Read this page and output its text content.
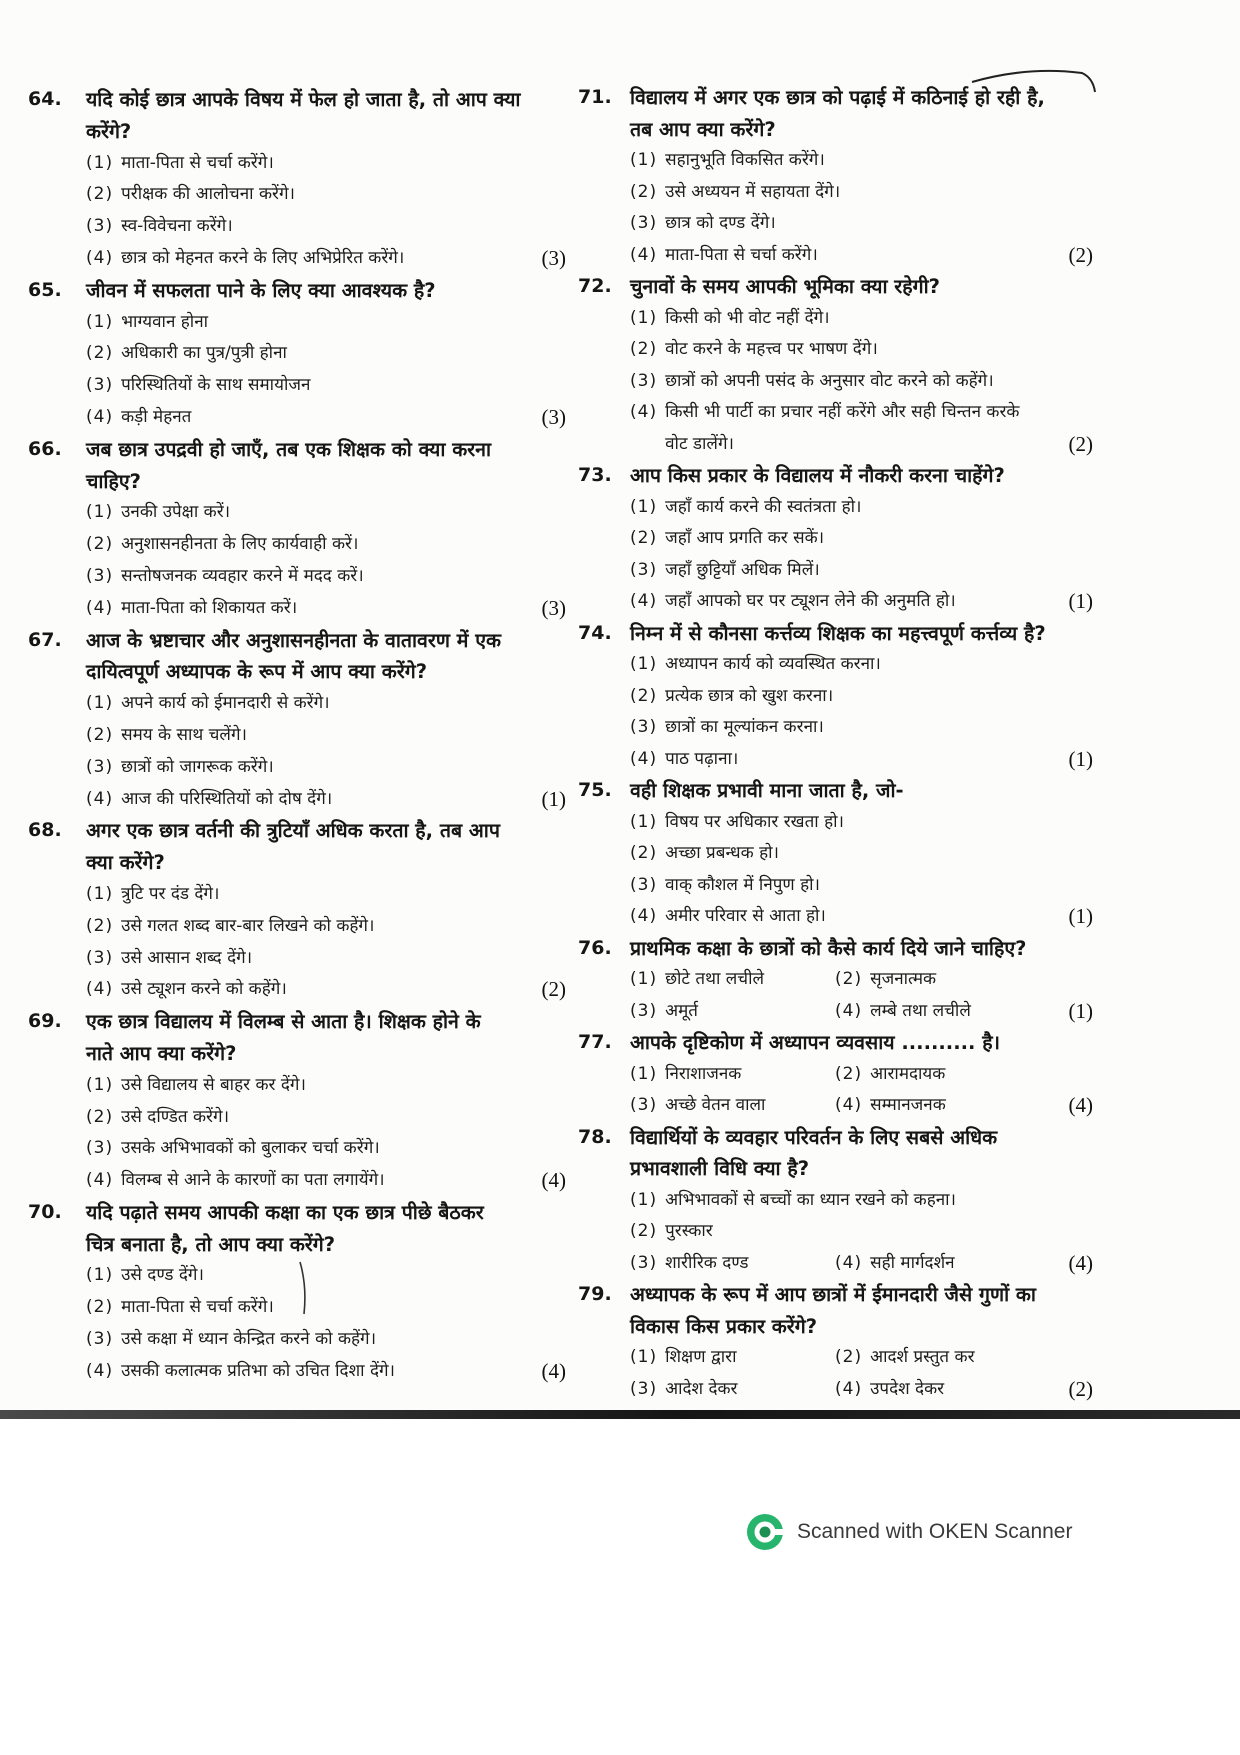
64.	यदि कोई छात्र आपके विषय में फेल हो जाता है, तो आप क्या
करेंगे?
(1) माता-पिता से चर्चा करेंगे।
(2) परीक्षक की आलोचना करेंगे।
(3) स्व-विवेचना करेंगे।
(4) छात्र को मेहनत करने के लिए अभिप्रेरित करेंगे।	(3)
65.	जीवन में सफलता पाने के लिए क्या आवश्यक है?
(1) भाग्यवान होना
(2) अधिकारी का पुत्र/पुत्री होना
(3) परिस्थितियों के साथ समायोजन
(4) कड़ी मेहनत	(3)
66.	जब छात्र उपद्रवी हो जाएँ, तब एक शिक्षक को क्या करना
चाहिए?
(1) उनकी उपेक्षा करें।
(2) अनुशासनहीनता के लिए कार्यवाही करें।
(3) सन्तोषजनक व्यवहार करने में मदद करें।
(4) माता-पिता को शिकायत करें।	(3)
67.	आज के भ्रष्टाचार और अनुशासनहीनता के वातावरण में एक
दायित्वपूर्ण अध्यापक के रूप में आप क्या करेंगे?
(1) अपने कार्य को ईमानदारी से करेंगे।
(2) समय के साथ चलेंगे।
(3) छात्रों को जागरूक करेंगे।
(4) आज की परिस्थितियों को दोष देंगे।	(1)
68.	अगर एक छात्र वर्तनी की त्रुटियाँ अधिक करता है, तब आप
क्या करेंगे?
(1) त्रुटि पर दंड देंगे।
(2) उसे गलत शब्द बार-बार लिखने को कहेंगे।
(3) उसे आसान शब्द देंगे।
(4) उसे ट्यूशन करने को कहेंगे।	(2)
69.	एक छात्र विद्यालय में विलम्ब से आता है। शिक्षक होने के
नाते आप क्या करेंगे?
(1) उसे विद्यालय से बाहर कर देंगे।
(2) उसे दण्डित करेंगे।
(3) उसके अभिभावकों को बुलाकर चर्चा करेंगे।
(4) विलम्ब से आने के कारणों का पता लगायेंगे।	(4)
70.	यदि पढ़ाते समय आपकी कक्षा का एक छात्र पीछे बैठकर
चित्र बनाता है, तो आप क्या करेंगे?
(1) उसे दण्ड देंगे।
(2) माता-पिता से चर्चा करेंगे।
(3) उसे कक्षा में ध्यान केन्द्रित करने को कहेंगे।
(4) उसकी कलात्मक प्रतिभा को उचित दिशा देंगे।	(4)
71. विद्यालय में अगर एक छात्र को पढ़ाई में कठिनाई हो रही है,
तब आप क्या करेंगे?
(1) सहानुभूति विकसित करेंगे।
(2) उसे अध्ययन में सहायता देंगे।
(3) छात्र को दण्ड देंगे।
(4) माता-पिता से चर्चा करेंगे।	(2)
72. चुनावों के समय आपकी भूमिका क्या रहेगी?
(1) किसी को भी वोट नहीं देंगे।
(2) वोट करने के महत्त्व पर भाषण देंगे।
(3) छात्रों को अपनी पसंद के अनुसार वोट करने को कहेंगे।
(4) किसी भी पार्टी का प्रचार नहीं करेंगे और सही चिन्तन करके
वोट डालेंगे।	(2)
73. आप किस प्रकार के विद्यालय में नौकरी करना चाहेंगे?
(1) जहाँ कार्य करने की स्वतंत्रता हो।
(2) जहाँ आप प्रगति कर सकें।
(3) जहाँ छुट्टियाँ अधिक मिलें।
(4) जहाँ आपको घर पर ट्यूशन लेने की अनुमति हो।	(1)
74. निम्न में से कौनसा कर्त्तव्य शिक्षक का महत्त्वपूर्ण कर्त्तव्य है?
(1) अध्यापन कार्य को व्यवस्थित करना।
(2) प्रत्येक छात्र को खुश करना।
(3) छात्रों का मूल्यांकन करना।
(4) पाठ पढ़ाना।	(1)
75. वही शिक्षक प्रभावी माना जाता है, जो-
(1) विषय पर अधिकार रखता हो।
(2) अच्छा प्रबन्धक हो।
(3) वाक् कौशल में निपुण हो।
(4) अमीर परिवार से आता हो।	(1)
76. प्राथमिक कक्षा के छात्रों को कैसे कार्य दिये जाने चाहिए?
(1) छोटे तथा लचीले	(2) सृजनात्मक
(3) अमूर्त	(4) लम्बे तथा लचीले	(1)
77. आपके दृष्टिकोण में अध्यापन व्यवसाय .......... है।
(1) निराशाजनक	(2) आरामदायक
(3) अच्छे वेतन वाला	(4) सम्मानजनक	(4)
78. विद्यार्थियों के व्यवहार परिवर्तन के लिए सबसे अधिक
प्रभावशाली विधि क्या है?
(1) अभिभावकों से बच्चों का ध्यान रखने को कहना।
(2) पुरस्कार
(3) शारीरिक दण्ड	(4) सही मार्गदर्शन	(4)
79. अध्यापक के रूप में आप छात्रों में ईमानदारी जैसे गुणों का
विकास किस प्रकार करेंगे?
(1) शिक्षण द्वारा	(2) आदर्श प्रस्तुत कर
(3) आदेश देकर	(4) उपदेश देकर	(2)
Scanned with OKEN Scanner
